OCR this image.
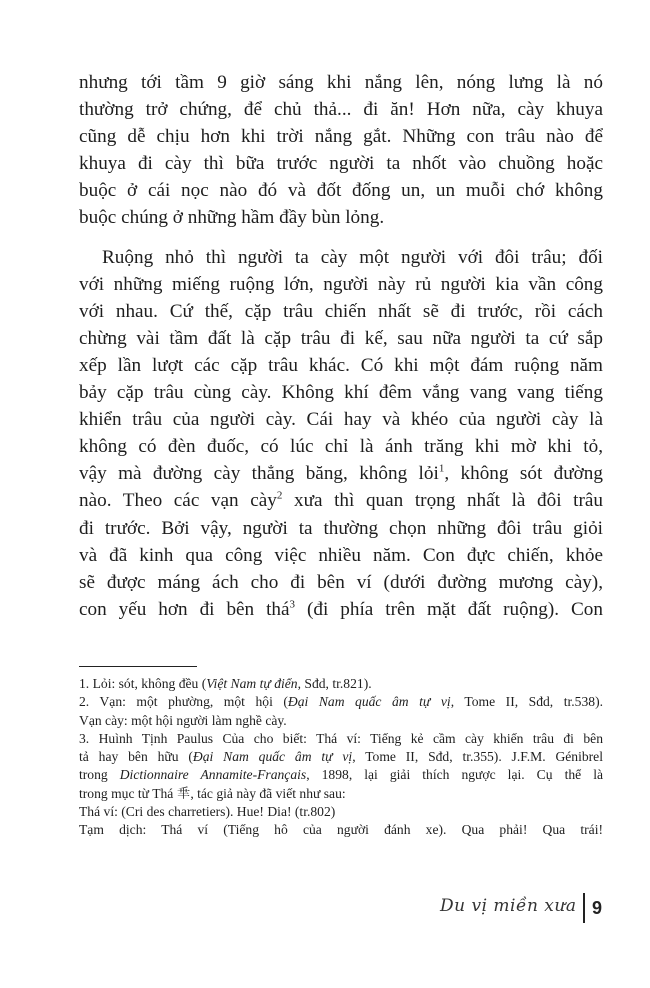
nhưng tới tầm 9 giờ sáng khi nắng lên, nóng lưng là nó
thường trở chứng, để chủ thả... đi ăn! Hơn nữa, cày khuya
cũng dễ chịu hơn khi trời nắng gắt. Những con trâu nào để
khuya đi cày thì bữa trước người ta nhốt vào chuồng hoặc
buộc ở cái nọc nào đó và đốt đống un, un muỗi chớ không
buộc chúng ở những hầm đầy bùn lỏng.

Ruộng nhỏ thì người ta cày một người với đôi trâu; đối
với những miếng ruộng lớn, người này rủ người kia vần công
với nhau. Cứ thế, cặp trâu chiến nhất sẽ đi trước, rồi cách
chừng vài tầm đất là cặp trâu đi kế, sau nữa người ta cứ sắp
xếp lần lượt các cặp trâu khác. Có khi một đám ruộng năm
bảy cặp trâu cùng cày. Không khí đêm vắng vang vang tiếng
khiển trâu của người cày. Cái hay và khéo của người cày là
không có đèn đuốc, có lúc chỉ là ánh trăng khi mờ khi tỏ,
vậy mà đường cày thẳng băng, không lỏi$^1$, không sót đường
nào. Theo các vạn cày$^2$ xưa thì quan trọng nhất là đôi trâu
đi trước. Bởi vậy, người ta thường chọn những đôi trâu giỏi
và đã kinh qua công việc nhiều năm. Con đực chiến, khỏe
sẽ được máng ách cho đi bên ví (dưới đường mương cày),
con yếu hơn đi bên thá$^3$ (đi phía trên mặt đất ruộng). Con

1. Lỏi: sót, không đều (Việt Nam tự điển, Sđd, tr.821).
2. Vạn: một phường, một hội (Đại Nam quấc âm tự vị, Tome II, Sđd, tr.538).
Vạn cày: một hội người làm nghề cày.
3. Huình Tịnh Paulus Của cho biết: Thá ví: Tiếng kẻ cầm cày khiến trâu đi bên
tả hay bên hữu (Đại Nam quấc âm tự vị, Tome II, Sđd, tr.355). J.F.M. Génibrel
trong Dictionnaire Annamite-Français, 1898, lại giải thích ngược lại. Cụ thể là
trong mục từ Thá 𠂯, tác giả này đã viết như sau:
Thá ví: (Cri des charretiers). Hue! Dia! (tr.802)
Tạm dịch: Thá ví (Tiếng hô của người đánh xe). Qua phải! Qua trái!
Du vị miền xưa 9
